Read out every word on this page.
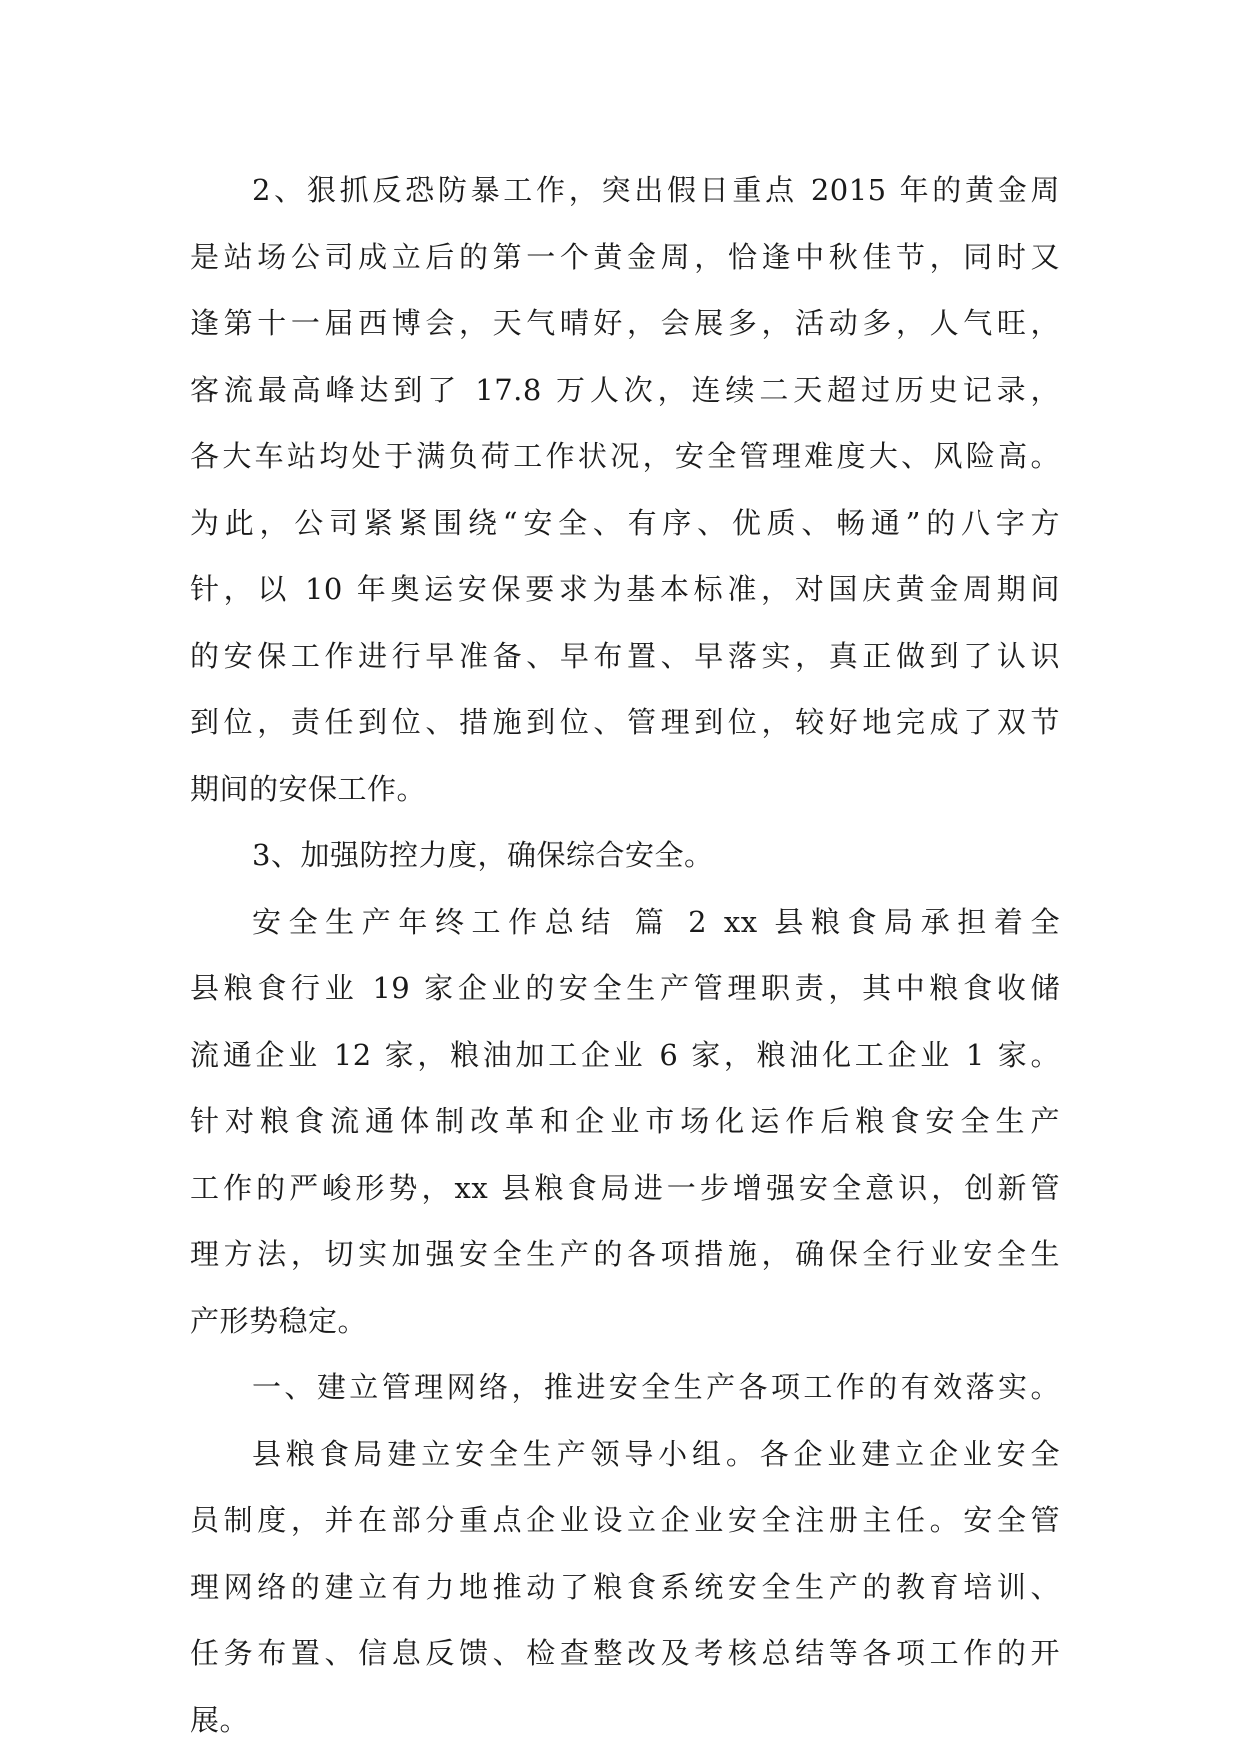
2、狠抓反恐防暴工作，突出假日重点 2015 年的黄金周
是站场公司成立后的第一个黄金周，恰逢中秋佳节，同时又
逢第十一届西博会，天气晴好，会展多，活动多，人气旺，
客流最高峰达到了 17.8 万人次，连续二天超过历史记录，
各大车站均处于满负荷工作状况，安全管理难度大、风险高。
为此，公司紧紧围绕“安全、有序、优质、畅通”的八字方
针，以 10 年奥运安保要求为基本标准，对国庆黄金周期间
的安保工作进行早准备、早布置、早落实，真正做到了认识
到位，责任到位、措施到位、管理到位，较好地完成了双节
期间的安保工作。
3、加强防控力度，确保综合安全。
安全生产年终工作总结 篇 2 xx 县粮食局承担着全
县粮食行业 19 家企业的安全生产管理职责，其中粮食收储
流通企业 12 家，粮油加工企业 6 家，粮油化工企业 1 家。
针对粮食流通体制改革和企业市场化运作后粮食安全生产
工作的严峻形势，xx 县粮食局进一步增强安全意识，创新管
理方法，切实加强安全生产的各项措施，确保全行业安全生
产形势稳定。
一、建立管理网络，推进安全生产各项工作的有效落实。
县粮食局建立安全生产领导小组。各企业建立企业安全
员制度，并在部分重点企业设立企业安全注册主任。安全管
理网络的建立有力地推动了粮食系统安全生产的教育培训、
任务布置、信息反馈、检查整改及考核总结等各项工作的开
展。
